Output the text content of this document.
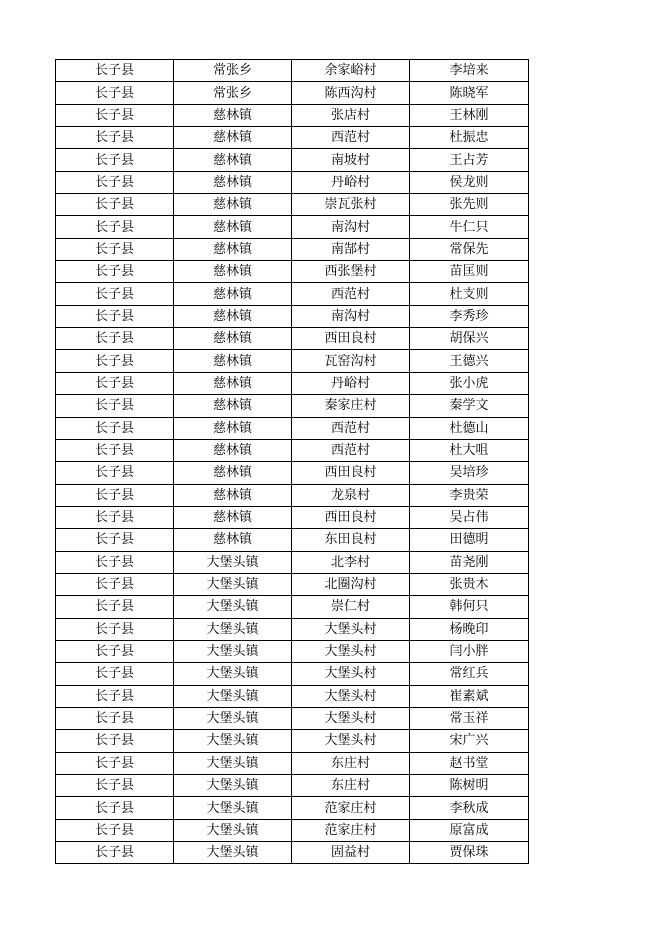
长子县	常张乡	余家峪村	李培来
长子县	常张乡	陈西沟村	陈晓军
长子县	慈林镇	张店村	王林刚
长子县	慈林镇	西范村	杜振忠
长子县	慈林镇	南坡村	王占芳
长子县	慈林镇	丹峪村	侯龙则
长子县	慈林镇	崇瓦张村	张先则
长子县	慈林镇	南沟村	牛仁只
长子县	慈林镇	南郜村	常保先
长子县	慈林镇	西张堡村	苗匡则
长子县	慈林镇	西范村	杜支则
长子县	慈林镇	南沟村	李秀珍
长子县	慈林镇	西田良村	胡保兴
长子县	慈林镇	瓦窑沟村	王德兴
长子县	慈林镇	丹峪村	张小虎
长子县	慈林镇	秦家庄村	秦学文
长子县	慈林镇	西范村	杜德山
长子县	慈林镇	西范村	杜大咀
长子县	慈林镇	西田良村	吴培珍
长子县	慈林镇	龙泉村	李贵荣
长子县	慈林镇	西田良村	吴占伟
长子县	慈林镇	东田良村	田德明
长子县	大堡头镇	北李村	苗尧刚
长子县	大堡头镇	北圈沟村	张贵木
长子县	大堡头镇	崇仁村	韩何只
长子县	大堡头镇	大堡头村	杨晚印
长子县	大堡头镇	大堡头村	闫小胖
长子县	大堡头镇	大堡头村	常红兵
长子县	大堡头镇	大堡头村	崔素斌
长子县	大堡头镇	大堡头村	常玉祥
长子县	大堡头镇	大堡头村	宋广兴
长子县	大堡头镇	东庄村	赵书堂
长子县	大堡头镇	东庄村	陈树明
长子县	大堡头镇	范家庄村	李秋成
长子县	大堡头镇	范家庄村	原富成
长子县	大堡头镇	固益村	贾保珠
